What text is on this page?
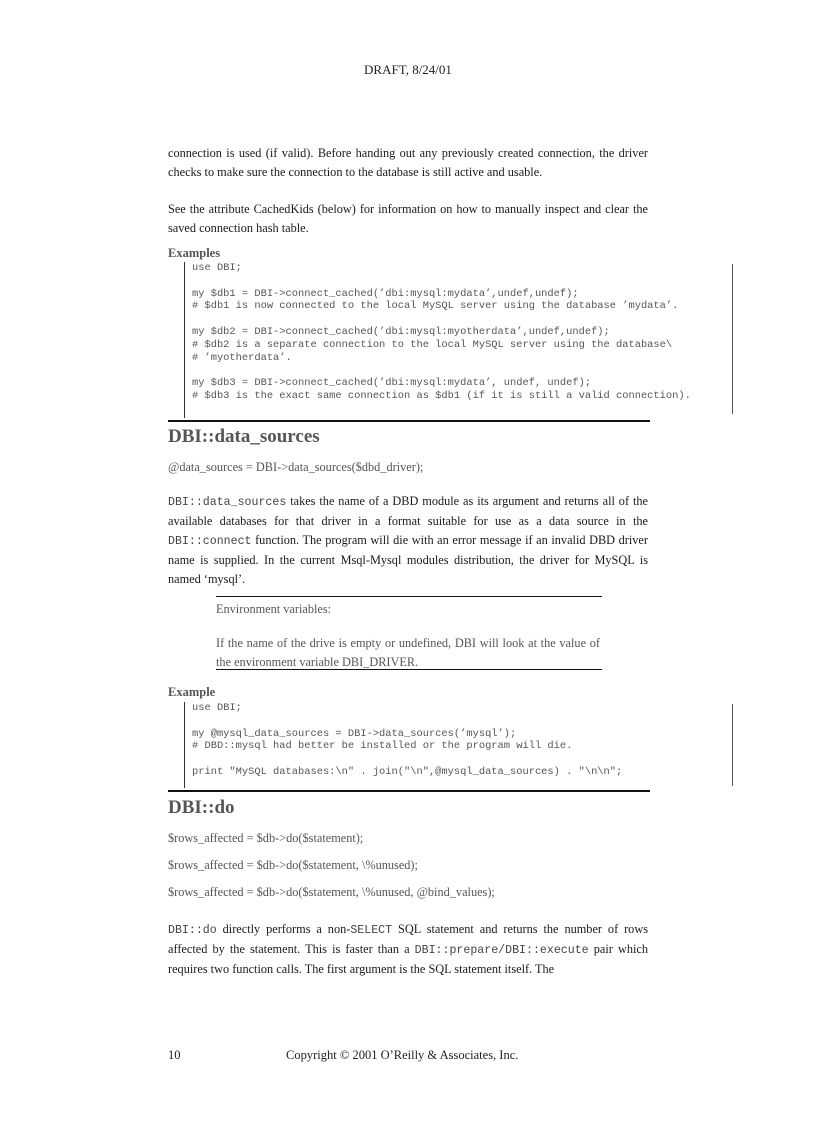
DRAFT, 8/24/01
connection is used (if valid). Before handing out any previously created connection, the driver checks to make sure the connection to the database is still active and usable.
See the attribute CachedKids (below) for information on how to manually inspect and clear the saved connection hash table.
Examples
use DBI;

my $db1 = DBI->connect_cached(’dbi:mysql:mydata’,undef,undef);
# $db1 is now connected to the local MySQL server using the database ’mydata’.

my $db2 = DBI->connect_cached(’dbi:mysql:myotherdata’,undef,undef);
# $db2 is a separate connection to the local MySQL server using the database\
# ’myotherdata’.

my $db3 = DBI->connect_cached(’dbi:mysql:mydata’, undef, undef);
# $db3 is the exact same connection as $db1 (if it is still a valid connection).
DBI::data_sources
@data_sources = DBI->data_sources($dbd_driver);
DBI::data_sources takes the name of a DBD module as its argument and returns all of the available databases for that driver in a format suitable for use as a data source in the DBI::connect function. The program will die with an error message if an invalid DBD driver name is supplied. In the current Msql-Mysql modules distribution, the driver for MySQL is named ‘mysql’.
Environment variables:
If the name of the drive is empty or undefined, DBI will look at the value of the environment variable DBI_DRIVER.
Example
use DBI;

my @mysql_data_sources = DBI->data_sources(’mysql’);
# DBD::mysql had better be installed or the program will die.

print "MySQL databases:\n" . join("\n",@mysql_data_sources) . "\n\n";
DBI::do
$rows_affected = $db->do($statement);
$rows_affected = $db->do($statement, \%unused);
$rows_affected = $db->do($statement, \%unused, @bind_values);
DBI::do directly performs a non-SELECT SQL statement and returns the number of rows affected by the statement. This is faster than a DBI::prepare/DBI::execute pair which requires two function calls. The first argument is the SQL statement itself. The
10	Copyright © 2001 O’Reilly & Associates, Inc.
